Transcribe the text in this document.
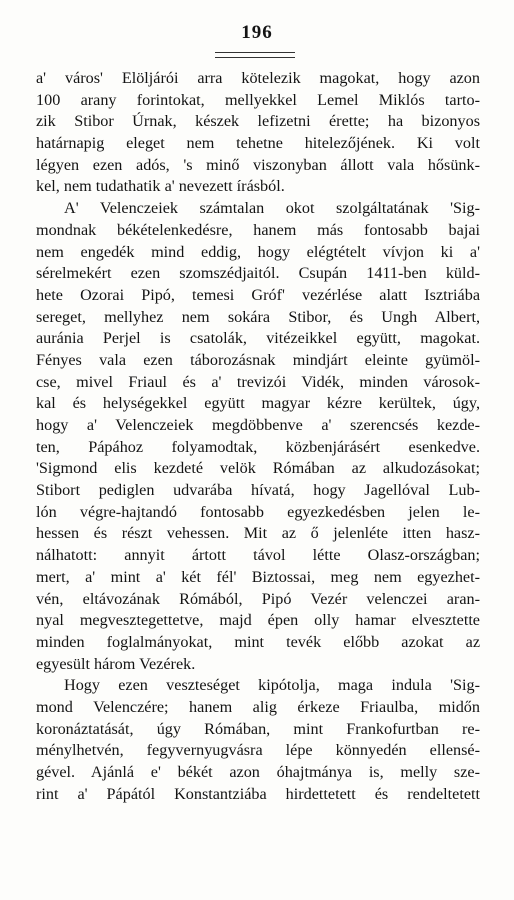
196
a' város' Elöljárói arra kötelezik magokat, hogy azon
100 arany forintokat, mellyekkel Lemel Miklós tarto-
zik Stibor Úrnak, készek lefizetni érette; ha bizonyos
határnapig eleget nem tehetne hitelezőjének. Ki volt
légyen ezen adós, 's minő viszonyban állott vala hősünk-
kel, nem tudathatik a' nevezett írásból.
A' Velenczeiek számtalan okot szolgáltatának 'Sig-
mondnak békételenkedésre, hanem más fontosabb bajai
nem engedék mind eddig, hogy elégtételt vívjon ki a'
sérelmekért ezen szomszédjaitól. Csupán 1411-ben küld-
hete Ozorai Pipó, temesi Gróf' vezérlése alatt Isztriába
sereget, mellyhez nem sokára Stibor, és Ungh Albert,
auránia Perjel is csatolák, vitézeikkel együtt, magokat.
Fényes vala ezen táborozásnak mindjárt eleinte gyümöl-
cse, mivel Friaul és a' trevizói Vidék, minden városok-
kal és helységekkel együtt magyar kézre kerültek, úgy,
hogy a' Velenczeiek megdöbbenve a' szerencsés kezde-
ten, Pápához folyamodtak, közbenjárásért esenkedve.
'Sigmond elis kezdeté velök Rómában az alkudozásokat;
Stibort pediglen udvarába hívatá, hogy Jagellóval Lub-
lón végre-hajtandó fontosabb egyezkedésben jelen le-
hessen és részt vehessen. Mit az ő jelenléte itten hasz-
nálhatott: annyit ártott távol létte Olasz-országban;
mert, a' mint a' két fél' Biztossai, meg nem egyezhet-
vén, eltávozának Rómából, Pipó Vezér velenczei aran-
nyal megvesztegettetve, majd épen olly hamar elvesztette
minden foglalmányokat, mint tevék előbb azokat az
egyesült három Vezérek.
Hogy ezen veszteséget kipótolja, maga indula 'Sig-
mond Velenczére; hanem alig érkeze Friaulba, midőn
koronáztatását, úgy Rómában, mint Frankofurtban re-
ménylhetvén, fegyvernyugvásra lépe könnyedén ellensé-
gével. Ajánlá e' békét azon óhajtmánya is, melly sze-
rint a' Pápától Konstantziába hirdettetett és rendeltetett
